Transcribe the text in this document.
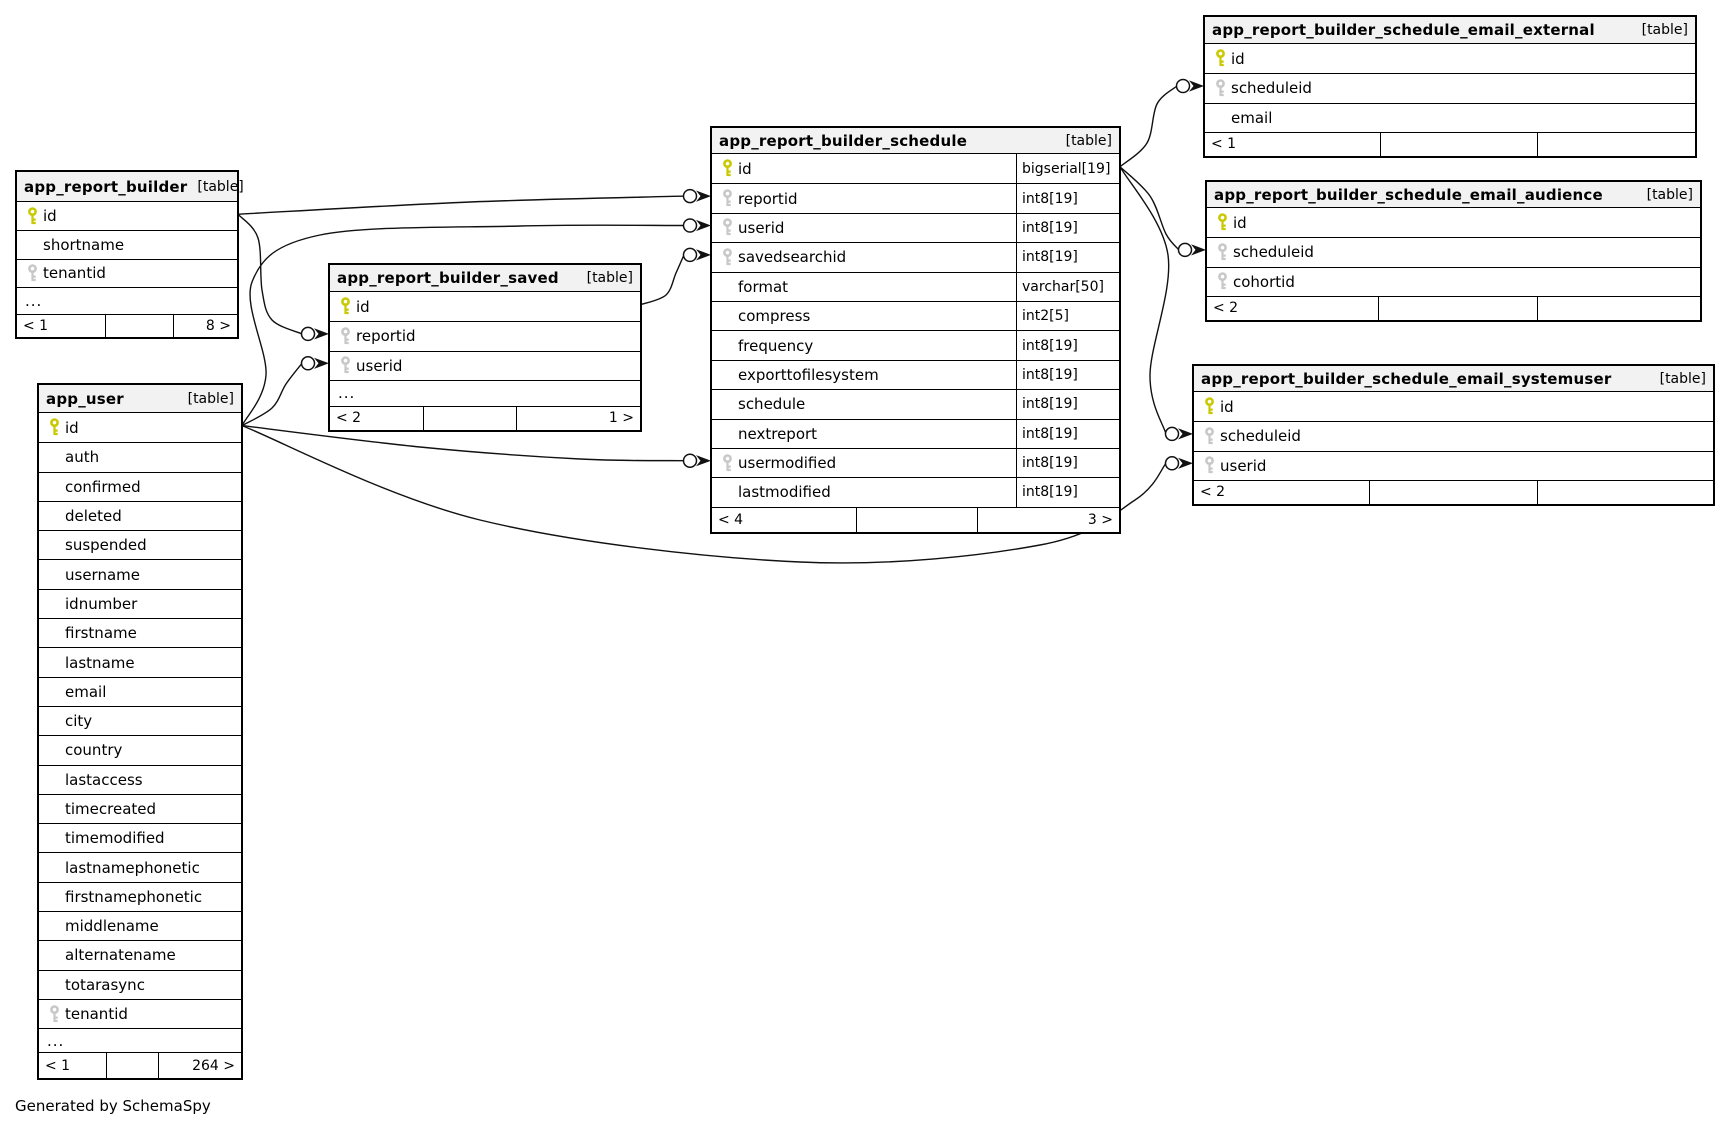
app_report_builder [table]
id
shortname
tenantid
...
< 1	8 >
app_report_builder_saved [table]
id
reportid
userid
...
< 2	1 >
app_report_builder_schedule	[table]
id	bigserial[19]
reportid	int8[19]
userid	int8[19]
savedsearchid	int8[19]
format	varchar[50]
compress	int2[5]
frequency	int8[19]
exporttofilesystem	int8[19]
schedule	int8[19]
nextreport	int8[19]
usermodified	int8[19]
lastmodified	int8[19]
< 4	3 >
app_report_builder_schedule_email_external	[table]
id
scheduleid
email
< 1
app_report_builder_schedule_email_audience	[table]
id
scheduleid
cohortid
< 2
app_report_builder_schedule_email_systemuser	[table]
id
scheduleid
userid
< 2
app_user	[table]
id
auth
confirmed
deleted
suspended
username
idnumber
firstname
lastname
email
city
country
lastaccess
timecreated
timemodified
lastnamephonetic
firstnamephonetic
middlename
alternatename
totarasync
tenantid
...
< 1	264 >
Generated by SchemaSpy
